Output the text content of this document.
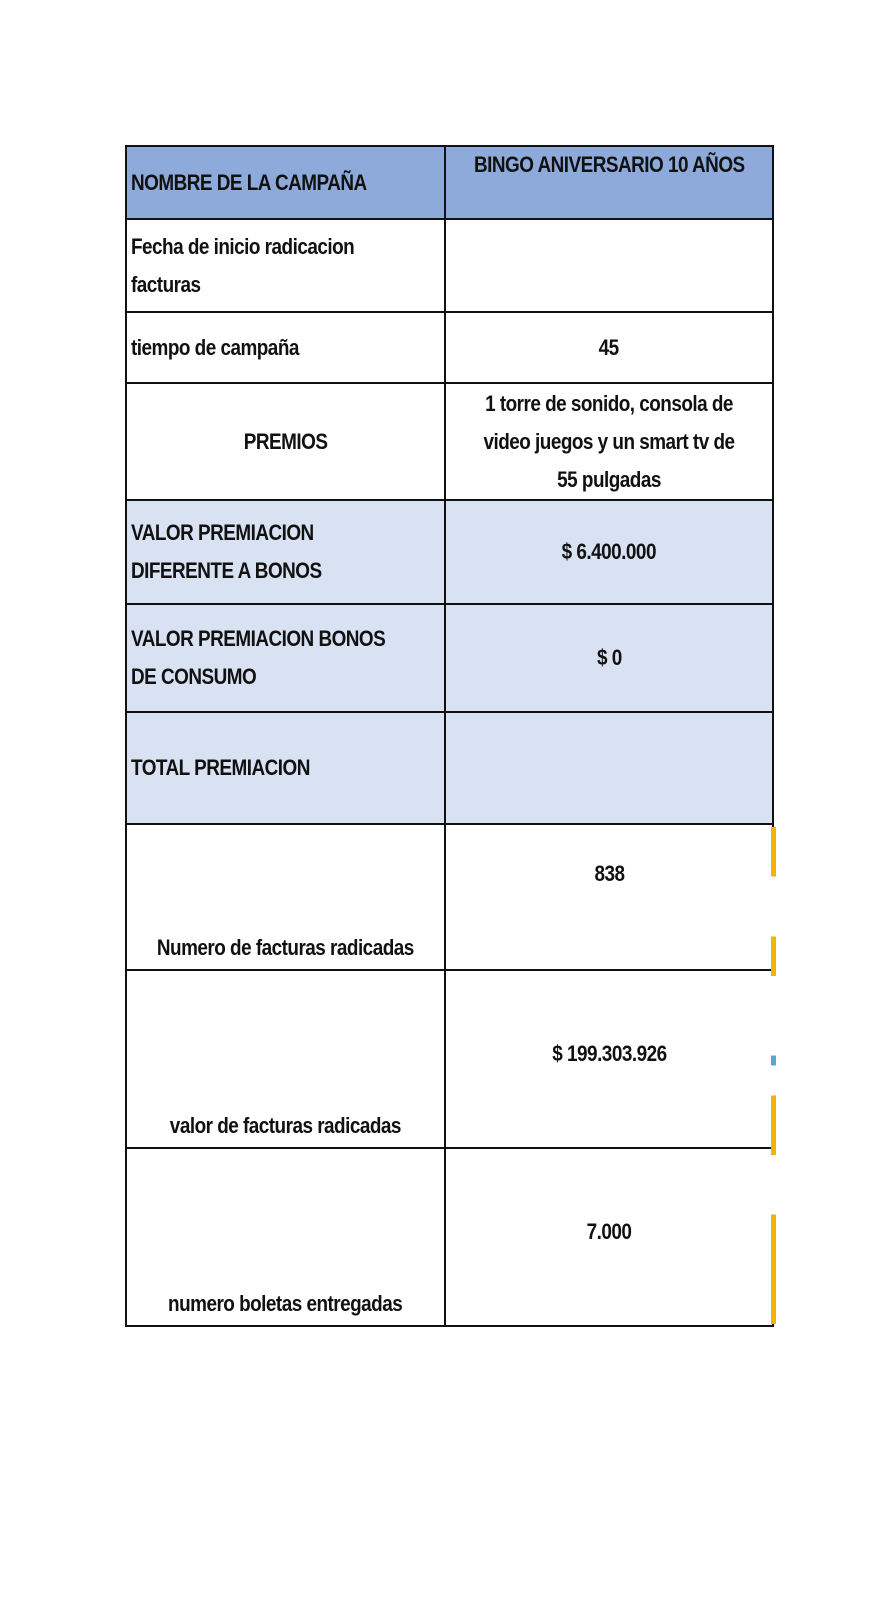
NOMBRE DE LA CAMPAÑA	BINGO ANIVERSARIO 10 AÑOS
Fecha de inicio radicacion facturas	
tiempo de campaña	45
PREMIOS	1 torre de sonido, consola de video juegos y un smart tv de 55 pulgadas
VALOR PREMIACION DIFERENTE A BONOS	$ 6.400.000
VALOR PREMIACION BONOS DE CONSUMO	$ 0
TOTAL PREMIACION	
Numero de facturas radicadas	838
valor de facturas radicadas	$ 199.303.926
numero boletas entregadas	7.000
